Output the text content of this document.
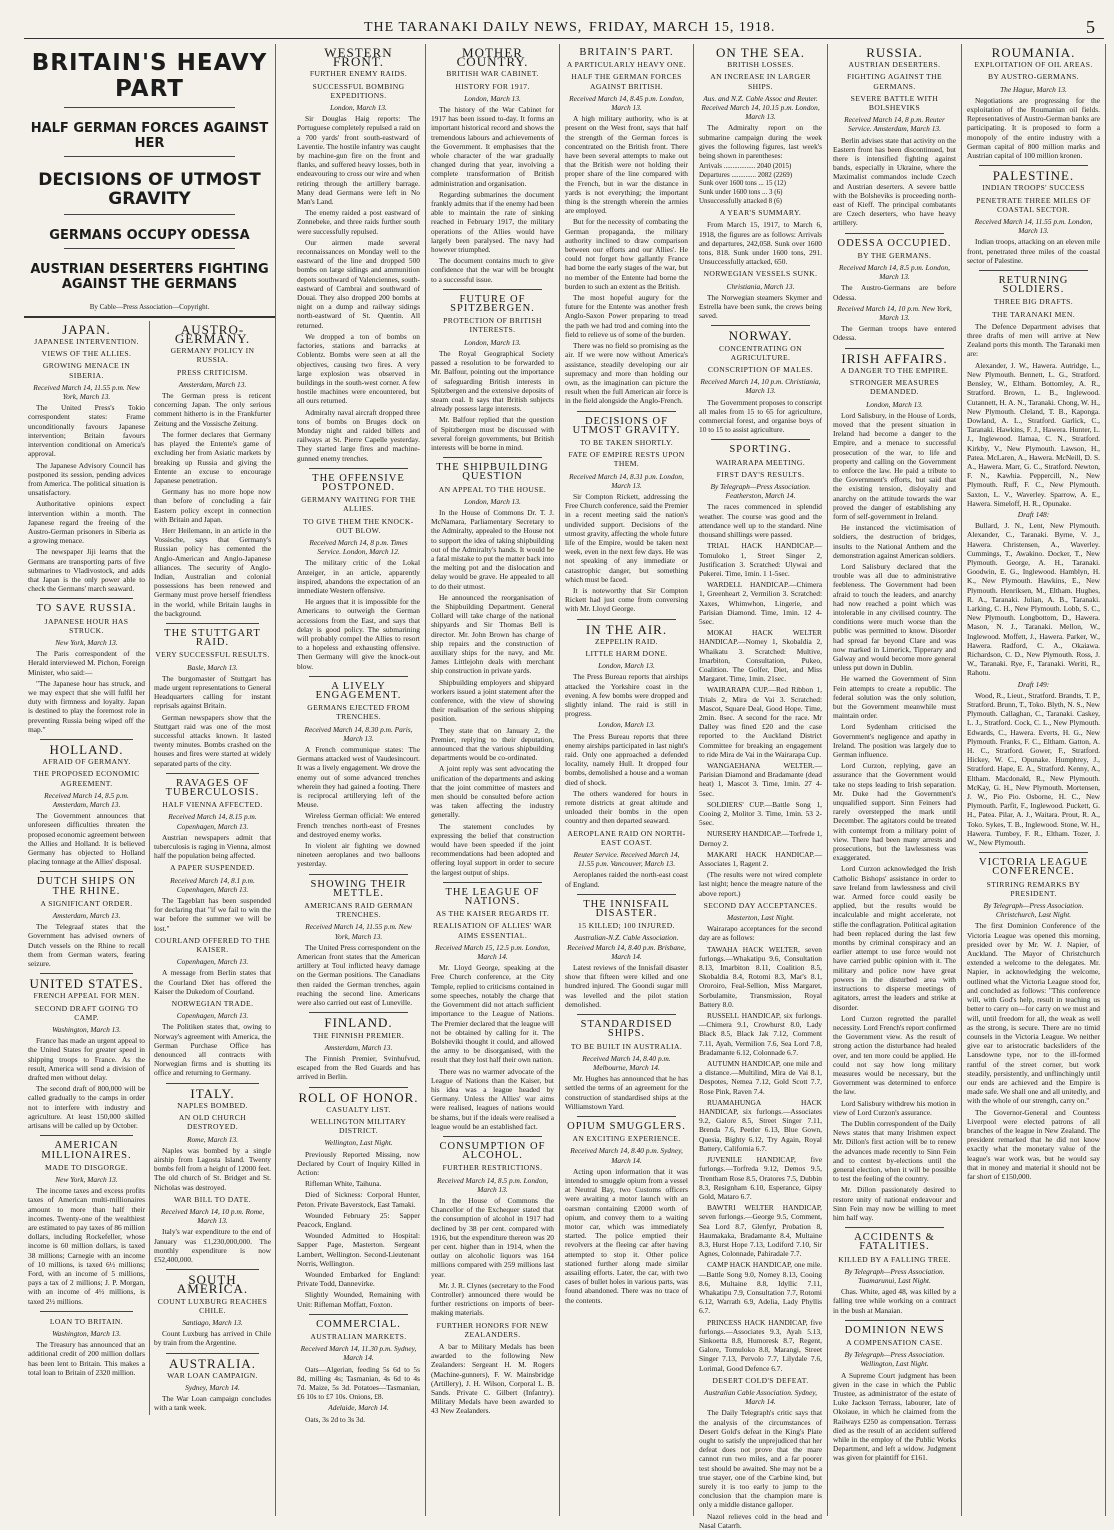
THE TARANAKI DAILY NEWS, FRIDAY, MARCH 15, 1918.	5
BRITAIN'S HEAVY PART
HALF GERMAN FORCES AGAINST HER
DECISIONS OF UTMOST GRAVITY
GERMANS OCCUPY ODESSA
AUSTRIAN DESERTERS FIGHTING AGAINST THE GERMANS
By Cable—Press Association—Copyright.
JAPAN.
JAPANESE INTERVENTION.
VIEWS OF THE ALLIES.
GROWING MENACE IN SIBERIA.

Received March 14, 11.55 p.m. New York, March 13.

The United Press's Tokio correspondent states: Frame unconditionally favours Japanese intervention; Britain favours intervention conditional on America's approval.

The Japanese Advisory Council has postponed its session, pending advices from America. The political situation is unsatisfactory.

Authoritative opinions expect intervention within a month. The Japanese regard the freeing of the Austro-German prisoners in Siberia as a growing menace.

The newspaper Jiji learns that the Germans are transporting parts of five submarines to Vladivostock, and adds that Japan is the only power able to check the Germans' march seaward.

TO SAVE RUSSIA.
JAPANESE HOUR HAS STRUCK.

New York, March 13.

The Paris correspondent of the Herald interviewed M. Pichon, Foreign Minister, who said:—

"The Japanese hour has struck, and we may expect that she will fulfil her duty with firmness and loyalty. Japan is destined to play the foremost role in preventing Russia being wiped off the map."

HOLLAND.
AFRAID OF GERMANY.
THE PROPOSED ECONOMIC AGREEMENT.

Received March 14, 8.5 p.m. Amsterdam, March 13.

The Government announces that unforeseen difficulties threaten the proposed economic agreement between the Allies and Holland. It is believed Germany has objected to Holland placing tonnage at the Allies' disposal.

DUTCH SHIPS ON THE RHINE.
A SIGNIFICANT ORDER.

Amsterdam, March 13.

The Telegraaf states that the Government has advised owners of Dutch vessels on the Rhine to recall them from German waters, fearing seizure.

UNITED STATES.
FRENCH APPEAL FOR MEN.
SECOND DRAFT GOING TO CAMP.

Washington, March 13.

France has made an urgent appeal to the United States for greater speed in shipping troops to France. As the result, America will send a division of drafted men without delay.

The second draft of 800,000 will be called gradually to the camps in order not to interfere with industry and agriculture. At least 150,000 skilled artisans will be called up by October.

AMERICAN MILLIONAIRES.
MADE TO DISGORGE.

New York, March 13.

The income taxes and excess profits taxes of American multi-millionaires amount to more than half their incomes. Twenty-one of the wealthiest are estimated to pay taxes of 86 million dollars, including Rockefeller, whose income is 60 million dollars, is taxed 38 millions; Carnegie with an income of 10 millions, is taxed 6½ millions; Ford, with an income of 5 millions, pays a tax of 2 millions; J. P. Morgan, with an income of 4½ millions, is taxed 2½ millions.

LOAN TO BRITAIN.

Washington, March 13.

The Treasury has announced that an additional credit of 200 million dollars has been lent to Britain. This makes a total loan to Britain of 2320 million.

AUSTRO-GERMANY.
GERMANY POLICY IN RUSSIA.
PRESS CRITICISM.

Amsterdam, March 13.

The German press is reticent concerning Japan. The only serious comment hitherto is in the Frankfurter Zeitung and the Vossische Zeitung.

The former declares that Germany has played the Entente's game of excluding her from Asiatic markets by breaking up Russia and giving the Entente an excuse to encourage Japanese penetration.

Germany has no more hope now than before of concluding a fair Eastern policy except in connection with Britain and Japan.

Herr Heilemann, in an article in the Vossische, says that Germany's Russian policy has cemented the Anglo-American and Anglo-Japanese alliances. The security of Anglo-Indian, Australian and colonial possessions has been renewed and Germany must prove herself friendless in the world, while Britain laughs in the background.

THE STUTTGART RAID.
VERY SUCCESSFUL RESULTS.

Basle, March 13.

The burgomaster of Stuttgart has made urgent representations to General Headquarters calling for instant reprisals against Britain.

German newspapers show that the Stuttgart raid was one of the most successful attacks known. It lasted twenty minutes. Bombs crashed on the houses and fires were started at widely separated parts of the city.

RAVAGES OF TUBERCULOSIS.
HALF VIENNA AFFECTED.

Received March 14, 8.15 p.m. Copenhagen, March 13.

Austrian newspapers admit that tuberculosis is raging in Vienna, almost half the population being affected.

A PAPER SUSPENDED.

Received March 14, 8.1 p.m. Copenhagen, March 13.

The Tageblatt has been suspended for declaring that "if we fail to win the war before the summer we will be lost."

COURLAND OFFERED TO THE KAISER.

Copenhagen, March 13.

A message from Berlin states that the Courland Diet has offered the Kaiser the Dukedom of Courland.

NORWEGIAN TRADE.

Copenhagen, March 13.

The Politiken states that, owing to Norway's agreement with America, the German Purchase Office has denounced all contracts with Norwegian firms and is shutting its office and returning to Germany.

ITALY.
NAPLES BOMBED.
AN OLD CHURCH DESTROYED.

Rome, March 13.

Naples was bombed by a single airship from Lagosta Island. Twenty bombs fell from a height of 12000 feet. The old church of St. Bridget and St. Nicholas was destroyed.

WAR BILL TO DATE.

Received March 14, 10 p.m. Rome, March 13.

Italy's war expenditure to the end of January was £1,230,000,000. The monthly expenditure is now £52,400,000.

SOUTH AMERICA.
COUNT LUXBURG REACHES CHILE.

Santiago, March 13.

Count Luxburg has arrived in Chile by train from the Argentine.

AUSTRALIA.
WAR LOAN CAMPAIGN.

Sydney, March 14.

The War Loan campaign concludes with a tank week.

WESTERN FRONT.
FURTHER ENEMY RAIDS.
SUCCESSFUL BOMBING EXPEDITIONS.

London, March 13.

Sir Douglas Haig reports: The Portuguese completely repulsed a raid on a 700 yards' front south-eastward of Laventie. The hostile infantry was caught by machine-gun fire on the front and flanks, and suffered heavy losses, both in endeavouring to cross our wire and when retiring through the artillery barrage. Many dead Germans were left in No Man's Land.

The enemy raided a post eastward of Zonnebeke, and three raids further south were successfully repulsed.

Our airmen made several reconnaissances on Monday well to the eastward of the line and dropped 500 bombs on large sidings and ammunition depots southward of Valenciennes, south-eastward of Cambrai and southward of Douai. They also dropped 200 bombs at night on a dump and railway sidings north-eastward of St. Quentin. All returned.

We dropped a ton of bombs on factories, stations and barracks at Coblentz. Bombs were seen at all the objectives, causing two fires. A very large explosion was observed in buildings in the south-west corner. A few hostile machines were encountered, but all ours returned.

Admiralty naval aircraft dropped three tons of bombs on Bruges dock on Monday night and raided billets and railways at St. Pierre Capelle yesterday. They started large fires and machine-gunned enemy trenches.

THE OFFENSIVE POSTPONED.
GERMANY WAITING FOR THE ALLIES.
TO GIVE THEM THE KNOCK-OUT BLOW.

Received March 14, 8 p.m. Times Service. London, March 12.

The military critic of the Lokal Anzeiger, in an article, apparently inspired, abandons the expectation of an immediate Western offensive.

He argues that it is impossible for the Americans to outweigh the German accessions from the East, and says that delay is good policy. The submarining will probably compel the Allies to resort to a hopeless and exhausting offensive. Then Germany will give the knock-out blow.

A LIVELY ENGAGEMENT.
GERMANS EJECTED FROM TRENCHES.

Received March 14, 8.30 p.m. Paris, March 13.

A French communique states: The Germans attacked west of Vaudesincourt. It was a lively engagement. We drove the enemy out of some advanced trenches wherein they had gained a footing. There is reciprocal artillerying left of the Meuse.

Wireless German official: We entered French trenches north-east of Fresnes and destroyed enemy works.

In violent air fighting we downed nineteen aeroplanes and two balloons yesterday.

SHOWING THEIR METTLE.
AMERICANS RAID GERMAN TRENCHES.

Received March 14, 11.55 p.m. New York, March 13.

The United Press correspondent on the American front states that the American artillery at Toul inflicted heavy damage on the German positions. The Canadians then raided the German trenches, again reaching the second line. Americans were also carried out east of Luneville.

FINLAND.
THE FINNISH PREMIER.

Amsterdam, March 13.

The Finnish Premier, Svinhufvud, escaped from the Red Guards and has arrived in Berlin.

ROLL OF HONOR.
CASUALTY LIST.
WELLINGTON MILITARY DISTRICT.

Wellington, Last Night.

Previously Reported Missing, now Declared by Court of Inquiry Killed in Action:

Rifleman White, Taihuna.

Died of Sickness: Corporal Hunter, Peton. Private Baverstock, East Tamaki.

Wounded February 25: Sapper Peacock, England.

Wounded Admitted to Hospital: Sapper Page, Masterton. Sergeant Lambert, Wellington. Second-Lieutenant Norris, Wellington.

Wounded Embarked for England: Private Todd, Dannevirke.

Slightly Wounded, Remaining with Unit: Rifleman Moffatt, Foxton.

COMMERCIAL.
AUSTRALIAN MARKETS.

Received March 14, 11.30 p.m. Sydney, March 14.

Oats—Algerian, feeding 5s 6d to 5s 8d, milling 4s; Tasmanian, 4s 6d to 4s 7d. Maize, 5s 3d. Potatoes—Tasmanian, £6 10s to £7 10s. Onions, £8.

Adelaide, March 14.

Oats, 3s 2d to 3s 3d.

MOTHER COUNTRY.
BRITISH WAR CABINET.
HISTORY FOR 1917.

London, March 13.

The history of the War Cabinet for 1917 has been issued to-day. It forms an important historical record and shows the tremendous labours and achievements of the Government. It emphasises that the whole character of the war gradually changed during that year, involving a complete transformation of British administration and organisation.

Regarding submarines the document frankly admits that if the enemy had been able to maintain the rate of sinking reached in February 1917, the military operations of the Allies would have largely been paralysed. The navy had however triumphed.

The document contains much to give confidence that the war will be brought to a successful issue.

FUTURE OF SPITZBERGEN.
PROTECTION OF BRITISH INTERESTS.

London, March 13.

The Royal Geographical Society passed a resolution to be forwarded to Mr. Balfour, pointing out the importance of safeguarding British interests in Spitzbergen and the extensive deposits of steam coal. It says that British subjects already possess large interests.

Mr. Balfour replied that the question of Spitzbergen must be discussed with several foreign governments, but British interests will be borne in mind.

THE SHIPBUILDING QUESTION
AN APPEAL TO THE HOUSE.

London, March 13.

In the House of Commons Dr. T. J. McNamara, Parliamentary Secretary to the Admiralty, appealed to the House not to support the idea of taking shipbuilding out of the Admiralty's hands. It would be a fatal mistake to put the matter back into the melting pot and the dislocation and delay would be grave. He appealed to all to do their utmost.

He announced the reorganisation of the Shipbuilding Department. General Collard will take charge of the national shipyards and Sir Thomas Bell is director. Mr. John Brown has charge of ship repairs and the construction of auxiliary ships for the navy, and Mr. James Littlejohn deals with merchant ship construction in private yards.

Shipbuilding employers and shipyard workers issued a joint statement after the conference, with the view of showing their realisation of the serious shipping position.

They state that on January 2, the Premier, replying to their deputation, announced that the various shipbuilding departments would be co-ordinated.

A joint reply was sent advocating the unification of the departments and asking that the joint committee of masters and men should be consulted before action was taken affecting the industry generally.

The statement concludes by expressing the belief that construction would have been speeded if the joint recommendations had been adopted and offering loyal support in order to secure the largest output of ships.

THE LEAGUE OF NATIONS.
AS THE KAISER REGARDS IT.
REALISATION OF ALLIES' WAR AIMS ESSENTIAL.

Received March 15, 12.5 p.m. London, March 14.

Mr. Lloyd George, speaking at the Free Church conference, at the City Temple, replied to criticisms contained in some speeches, notably the charge that the Government did not attach sufficient importance to the League of Nations. The Premier declared that the league will not be obtained by calling for it. The Bolsheviki thought it could, and allowed the army to be disorganised, with the result that they lost half their own nation.

There was no warmer advocate of the League of Nations than the Kaiser, but his idea was a league headed by Germany. Unless the Allies' war aims were realised, leagues of nations would be shams, but if the ideals were realised a league would be an established fact.

CONSUMPTION OF ALCOHOL.
FURTHER RESTRICTIONS.

Received March 14, 8.5 p.m. London, March 13.

In the House of Commons the Chancellor of the Exchequer stated that the consumption of alcohol in 1917 had declined by 38 per cent. compared with 1916, but the expenditure thereon was 20 per cent. higher than in 1914, when the outlay on alcoholic liquors was 164 millions compared with 259 millions last year.

Mr. J. R. Clynes (secretary to the Food Controller) announced there would be further restrictions on imports of beer-making materials.

FURTHER HONORS FOR NEW ZEALANDERS.

A bar to Military Medals has been awarded to the following New Zealanders: Sergeant H. M. Rogers (Machine-gunners), F. W. Mainsbridge (Artillery), J. H. Wilson, Corporal L. B. Sands. Private C. Gilbert (Infantry). Military Medals have been awarded to 43 New Zealanders.

BRITAIN'S PART.
A PARTICULARLY HEAVY ONE.
HALF THE GERMAN FORCES AGAINST BRITISH.

Received March 14, 8.45 p.m. London, March 13.

A high military authority, who is at present on the West front, says that half the strength of the German forces is concentrated on the British front. There have been several attempts to make out that the British were not holding their proper share of the line compared with the French, but in war the distance in yards is not everything; the important thing is the strength wherein the armies are employed.

But for the necessity of combating the German propaganda, the military authority inclined to draw comparison between our efforts and our Allies'. He could not forget how gallantly France had borne the early stages of the war, but no member of the Entente had borne the burden to such an extent as the British.

The most hopeful augury for the future for the Entente was another fresh Anglo-Saxon Power preparing to tread the path we had trod and coming into the field to relieve us of some of the burden.

There was no field so promising as the air. If we were now without America's assistance, steadily developing our air supremacy and more than holding our own, as the imagination can picture the result when the full American air force is in the field alongside the Anglo-French.

DECISIONS OF UTMOST GRAVITY.
TO BE TAKEN SHORTLY.
FATE OF EMPIRE RESTS UPON THEM.

Received March 14, 8.31 p.m. London, March 13.

Sir Compton Rickett, addressing the Free Church conference, said the Premier in a recent meeting said the nation's undivided support. Decisions of the utmost gravity, affecting the whole future life of the Empire, would be taken next week, even in the next few days. He was not speaking of any immediate or catastrophic danger, but something which must be faced.

It is noteworthy that Sir Compton Rickett had just come from conversing with Mr. Lloyd George.

IN THE AIR.
ZEPPELIN RAID.
LITTLE HARM DONE.

London, March 13.

The Press Bureau reports that airships attacked the Yorkshire coast in the evening. A few bombs were dropped and slightly inland. The raid is still in progress.

London, March 13.

The Press Bureau reports that three enemy airships participated in last night's raid. Only one approached a defended locality, namely Hull. It dropped four bombs, demolished a house and a woman died of shock.

The others wandered for hours in remote districts at great altitude and unloaded their bombs in the open country and then departed seaward.

AEROPLANE RAID ON NORTH-EAST COAST.

Reuter Service. Received March 14, 11.55 p.m. Vancouver, March 13.

Aeroplanes raided the north-east coast of England.

THE INNISFAIL DISASTER.
15 KILLED; 100 INJURED.

Australian-N.Z. Cable Association. Received March 14, 8.40 p.m. Brisbane, March 14.

Latest reviews of the Innisfail disaster show that fifteen were killed and one hundred injured. The Goondi sugar mill was levelled and the pilot station demolished.

STANDARDISED SHIPS.
TO BE BUILT IN AUSTRALIA.

Received March 14, 8.40 p.m. Melbourne, March 14.

Mr. Hughes has announced that he has settled the terms of an agreement for the construction of standardised ships at the Williamstown Yard.

OPIUM SMUGGLERS.
AN EXCITING EXPERIENCE.

Received March 14, 8.40 p.m. Sydney, March 14.

Acting upon information that it was intended to smuggle opium from a vessel at Neutral Bay, two Customs officers were awaiting a motor launch with an oarsman containing £2000 worth of opium, and convey them to a waiting motor car, which was immediately started. The police emptied their revolvers at the fleeing car after having attempted to stop it. Other police stationed further along made similar assailing efforts. Later, the car, with two cases of bullet holes in various parts, was found abandoned. There was no trace of the contents.

ON THE SEA.
BRITISH LOSSES.
AN INCREASE IN LARGER SHIPS.

Aus. and N.Z. Cable Assoc and Reuter. Received March 14, 10.15 p.m. London, March 13.

The Admiralty report on the submarine campaign during the week gives the following figures, last week's being shown in parentheses:

Arrivals .................. 2040 (2015)
Departures .............. 2082 (2269)
Sunk over 1600 tons ... 15 (12)
Sunk under 1600 tons ... 3 (6)
Unsuccessfully attacked 8 (6)
A YEAR'S SUMMARY.

From March 15, 1917, to March 6, 1918, the figures are as follows: Arrivals and departures, 242,058. Sunk over 1600 tons, 818. Sunk under 1600 tons, 291. Unsuccessfully attacked, 650.

NORWEGIAN VESSELS SUNK.

Christiania, March 13.

The Norwegian steamers Skymer and Estrella have been sunk, the crews being saved.

NORWAY.
CONCENTRATING ON AGRICULTURE.
CONSCRIPTION OF MALES.

Received March 14, 10 p.m. Christiania, March 13.

The Government proposes to conscript all males from 15 to 65 for agriculture, commercial forest, and organise boys of 10 to 15 to assist agriculture.

SPORTING.
WAIRARAPA MEETING.
FIRST DAY'S RESULTS.

By Telegraph—Press Association. Featherston, March 14.

The races commenced in splendid weather. The course was good and the attendance well up to the standard. Nine thousand shillings were passed.

TRIAL HACK HANDICAP.—Tomuloko 1, Street Singer 2, Justification 3. Scratched: Ulywai and Pukerei. Time, 1min. 1 1-5sec.

WARDELL HANDICAP.—Chimera 1, Greenheart 2, Vermilion 3. Scratched: Xaxes, Whimwhon, Lingerie, and Parisian Diamond. Time, 1min. 12 4-5sec.

MOKAI HACK WELTER HANDICAP.—Nomey 1, Skobaldia 2, Whaikatu 3. Scratched: Multive, Imarbiton, Consultation, Pukeo, Coalition. The Golfer, Diet, and Miss Margaret. Time, 1min. 21sec.

WAIRARAPA CUP.—Red Ribbon 1, Trials 2, Mira de Vai 3. Scratched: Mascot, Square Deal, Good Hope. Time, 2min. 8sec. A second for the race. Mr Dalley was fined £20 and the case reported to the Auckland District Committee for breaking an engagement to ride Mira de Vai in the Wairarapa Cup.

WANGAEHANA WELTER.—Parisian Diamond and Bradamante (dead heat) 1, Mascot 3. Time, 1min. 27 4-5sec.

SOLDIERS' CUP.—Battle Song 1, Cooing 2, Molitor 3. Time, 1min. 53 2-5sec.

NURSERY HANDICAP.—Torfrede 1, Dernoy 2.

MAKARI HACK HANDICAP.—Associates 1, Ragent 2.

(The results were not wired complete last night; hence the meagre nature of the above report.)

SECOND DAY ACCEPTANCES.

Masterton, Last Night.

Wairarapo acceptances for the second day are as follows:

TAWAHA HACK WELTER, seven furlongs.—Whakatipu 9.6, Consultation 8.13, Imarbiton 8.11, Coalition 8.5, Skobaldia 8.4, Rotomi 8.3, Mar's 8.1, Ororoiro, Feal-Sellion, Miss Margaret, Sorbulamite, Transmission, Royal Battery 8.0.

RUSSELL HANDICAP, six furlongs.—Chimera 9.1, Crowhurst 8.0, Lady Black 8.5, Black Jak 7.12, Comment 7.11, Ayah, Vermilion 7.6, Sea Lord 7.8, Bradamante 6.12, Colonnade 6.7.

AUTUMN HANDICAP, one mile and a distance.—Multilind, Mira de Vai 8.1, Despotes, Nemea 7.12, Gold Scott 7.7, Rose Pink, Raven 7.4.

RUAMAHUNGA HACK HANDICAP, six furlongs.—Associates 9.2, Galore 8.5, Street Singer 7.11, Brenda 7.6, Peetler 6.13, Blue Gown, Quesia, Bighty 6.12, Try Again, Royal Battery, California 6.7.

JUVENILE HANDICAP, five furlongs.—Torfreda 9.12, Demos 9.5, Trentham Rose 8.5, Oratores 7.5, Dubbin 8.3, Resignham 6.10, Esperance, Gipsy Gold, Mataro 6.7.

BAWTRI WELTER HANDICAP, seven furlongs.—George 9.5, Comment, Sea Lord 8.7, Glenfyr, Probation 8, Haumakaka, Bradamante 8.4, Multaine 8.3, Hurst Hope 7.13, Lodiford 7.10, Sir Agnes, Colonnade, Pahiradale 7.7.

CAMP HACK HANDICAP, one mile.—Battle Song 9.0, Nomey 8.13, Cooing 8.6, Multaine 8.8, Idyllic 7.11, Whakatipu 7.9, Consultation 7.7, Rotomi 6.12, Warrath 6.9, Adelia, Lady Phyllis 6.7.

PRINCESS HACK HANDICAP, five furlongs.—Associates 9.3, Ayah 5.13, Sinkoetta 8.8, Humoresk 8.7, Regent, Galore, Tomuloko 8.8, Marangi, Street Singer 7.13, Pervolo 7.7, Lilydale 7.6, Lorimal, Good Defence 6.7.

DESERT COLD'S DEFEAT.

Australian Cable Association. Sydney, March 14.

The Daily Telegraph's critic says that the analysis of the circumstances of Desert Gold's defeat in the King's Plate ought to satisfy the unprejudiced that her defeat does not prove that the mare cannot run two miles, and a far poorer test should be awaited. She may not be a true stayer, one of the Carbine kind, but surely it is too early to jump to the conclusion that the champion mare is only a middle distance galloper.

Nazol relieves cold in the head and Nasal Catarrh.

RUSSIA.
AUSTRIAN DESERTERS.
FIGHTING AGAINST THE GERMANS.
SEVERE BATTLE WITH BOLSHEVIKS

Received March 14, 8 p.m. Reuter Service. Amsterdam, March 13.

Berlin advises state that activity on the Eastern front has been discontinued, but there is intensified fighting against bands, especially in Ukraine, where the Maximalist commandos include Czech and Austrian deserters. A severe battle with the Bolsheviks is proceeding north-east of Kieff. The principal combatants are Czech deserters, who have heavy artillery.

ODESSA OCCUPIED.
BY THE GERMANS.

Received March 14, 8.5 p.m. London, March 13.

The Austro-Germans are before Odessa.

Received March 14, 10 p.m. New York, March 13.

The German troops have entered Odessa.

IRISH AFFAIRS.
A DANGER TO THE EMPIRE.
STRONGER MEASURES DEMANDED.

London, March 13.

Lord Salisbury, in the House of Lords, moved that the present situation in Ireland had become a danger to the Empire, and a menace to successful prosecution of the war, to life and property and calling on the Government to enforce the law. He paid a tribute to the Government's efforts, but said that the existing tension, disloyalty and anarchy on the attitude towards the war proved the danger of establishing any form of self-government in Ireland.

He instanced the victimisation of soldiers, the destruction of bridges, insults to the National Anthem and the demonstration against American soldiers.

Lord Salisbury declared that the trouble was all due to administrative feebleness. The Government had been afraid to touch the leaders, and anarchy had now reached a point which was intolerable in any civilised country. The conditions were much worse than the public was permitted to know. Disorder had spread far beyond Clare and was now marked in Limerick, Tipperary and Galway and would become more general unless put down in Dublin.

He warned the Government of Sinn Fein attempts to create a republic. The federal solution was the only solution, but the Government meanwhile must maintain order.

Lord Sydenham criticised the Government's negligence and apathy in Ireland. The position was largely due to German influence.

Lord Curzon, replying, gave an assurance that the Government would take no steps leading to Irish separation. Mr. Duke had the Government's unqualified support. Sinn Feiners had rarely overstepped the mark until December. The agitators could be treated with contempt from a military point of view. There had been many arrests and prosecutions, but the lawlessness was exaggerated.

Lord Curzon acknowledged the Irish Catholic Bishops' assistance in order to save Ireland from lawlessness and civil war. Armed force could easily be applied, but the results would be incalculable and might accelerate, not stifle the conflagration. Political agitation had been replaced during the last few months by criminal conspiracy and an earlier attempt to use force would not have carried public opinion with it. The military and police now have great powers in the disturbed area with instructions to disperse meetings of agitators, arrest the leaders and strike at disorder.

Lord Curzon regretted the parallel necessity. Lord French's report confirmed the Government view. As the result of strong action the disturbance had healed over, and ten more could be applied. He could not say how long military measures would be necessary, but the Government was determined to enforce the law.

Lord Salisbury withdrew his motion in view of Lord Curzon's assurance.

The Dublin correspondent of the Daily News states that many Irishmen expect Mr. Dillon's first action will be to renew the advances made recently to Sinn Fein and to contest by-elections until the general election, when it will be possible to test the feeling of the country.

Mr. Dillon passionately desired to restore unity of national endeavour and Sinn Fein may now be willing to meet him half way.

ACCIDENTS & FATALITIES.
KILLED BY A FALLING TREE.

By Telegraph—Press Association. Tuamarunui, Last Night.

Chas. White, aged 48, was killed by a falling tree while working on a contract in the bush at Manaian.

DOMINION NEWS
A COMPENSATION CASE.

By Telegraph—Press Association. Wellington, Last Night.

A Supreme Court judgment has been given in the case in which the Public Trustee, as administrator of the estate of Luke Jackson Terrass, labourer, late of Okoiaue, in which he claimed from the Railways £250 as compensation. Terrass died as the result of an accident suffered while in the employ of the Public Works Department, and left a widow. Judgment was given for plaintiff for £161.

ROUMANIA.
EXPLOITATION OF OIL AREAS.
BY AUSTRO-GERMANS.

The Hague, March 13.

Negotiations are progressing for the exploitation of the Roumanian oil fields. Representatives of Austro-German banks are participating. It is proposed to form a monopoly of the entire industry with a German capital of 800 million marks and Austrian capital of 100 million kronen.

PALESTINE.
INDIAN TROOPS' SUCCESS
PENETRATE THREE MILES OF COASTAL SECTOR.

Received March 14, 11.55 p.m. London, March 13.

Indian troops, attacking on an eleven mile front, penetrated three miles of the coastal sector of Palestine.

RETURNING SOLDIERS.
THREE BIG DRAFTS.
THE TARANAKI MEN.

The Defence Department advises that three drafts of men will arrive at New Zealand ports this month. The Taranaki men are:

Alexander, J. W., Hawera. Autridge, L., New Plymouth. Bennett, L. G., Stratford. Bensley, W., Eltham. Bottomley, A. R., Stratford. Brown, L. B., Inglewood. Cutannett, H. A. N., Taranaki. Chong, W. H., New Plymouth. Cleland, T. B., Kaponga. Dowland, A. L., Stratford. Garlick, C., Taranaki. Hawkins, F. J., Hawera. Hunter, L. J., Inglewood. Ilamaa, C. N., Stratford. Kirkby, V., New Plymouth. Lawson, H., Patea. McLaren, A., Hawera. McNeill, D. S. A., Hawera. Marr, G. C., Stratford. Newton, F. N., Kawhia. Peppercill, N., New Plymouth. Ruff, F. C., New Plymouth. Saxton, L. V., Waverley. Sparrow, A. E., Hawera. Simeloff, H. R., Opunake.

Draft 148:

Bullard, J. N., Lent, New Plymouth. Alexander, C., Taranaki. Byrne, V. J., Hawera. Christensen, A., Waverley. Cummings, T., Awakino. Docker, T., New Plymouth. George, A. H., Taranaki. Goodwin, E. G., Inglewood. Hamblyn, H. K., New Plymouth. Hawkins, E., New Plymouth. Henriksen, M., Eltham. Hughes, R. A., Taranaki. Julian, A. B., Taranaki. Larking, C. H., New Plymouth. Lobb, S. C., New Plymouth. Longbottom, D., Hawera. Mason, N. J., Taranaki. Mellon, W., Inglewood. Moffett, J., Hawera. Parker, W., Hawera. Radford, C. A., Okaiawa. Richardson, C. D., New Plymouth. Ross, J. W., Taranaki. Rye, F., Taranaki. Weriti, R., Rahotu.

Draft 149:

Wood, R., Lieut., Stratford. Brandts, T. P., Stratford. Brunn, T., Toko. Blyth, N. S., New Plymouth. Callaghan, C., Taranaki. Caskey, L. J., Stratford. Cock, C. L., New Plymouth. Edwards, C., Hawera. Everts, H. G., New Plymouth. Franks, F. C., Eltham. Gatton, A. H. C., Stratford. Gower, F., Stratford. Hickey, W. C., Opunake. Humphrey, J., Stratford. Hape, E. A., Stratford. Kenny, A., Eltham. Macdonald, R., New Plymouth. McKay, G. H., New Plymouth. Mortensen, J. W., Pio Pio. Osborne, H. C., New Plymouth. Parfit, F., Inglewood. Puckett, G. H., Patea. Pilar, A. J., Waitara. Prout, R. A., Toko. Sykes, T. B., Inglewood. Stone, W. H., Hawera. Tumbey, F. R., Eltham. Tozer, J. W., New Plymouth.

VICTORIA LEAGUE CONFERENCE.
STIRRING REMARKS BY PRESIDENT.

By Telegraph—Press Association. Christchurch, Last Night.

The first Dominion Conference of the Victoria League was opened this morning, presided over by Mr. W. J. Napier, of Auckland. The Mayor of Christchurch extended a welcome to the delegates. Mr. Napier, in acknowledging the welcome, outlined what the Victoria League stood for, and concluded as follows: "This conference will, with God's help, result in teaching us better to carry on—for carry on we must and will, until freedom for all, the weak as well as the strong, is secure. There are no timid counsels in the Victoria League. We neither give ear to aristocratic backsliders of the Lansdowne type, nor to the ill-formed rantful of the street corner, but work steadily, persistently, and unflinchingly until our ends are achieved and the Empire is made safe. We shall one and all unitedly, and with the whole of our strength, carry on."

The Governor-General and Countess Liverpool were elected patrons of all branches of the league in New Zealand. The president remarked that he did not know exactly what the monetary value of the league's war work was, but he would say that in money and material it should not be far short of £150,000.
